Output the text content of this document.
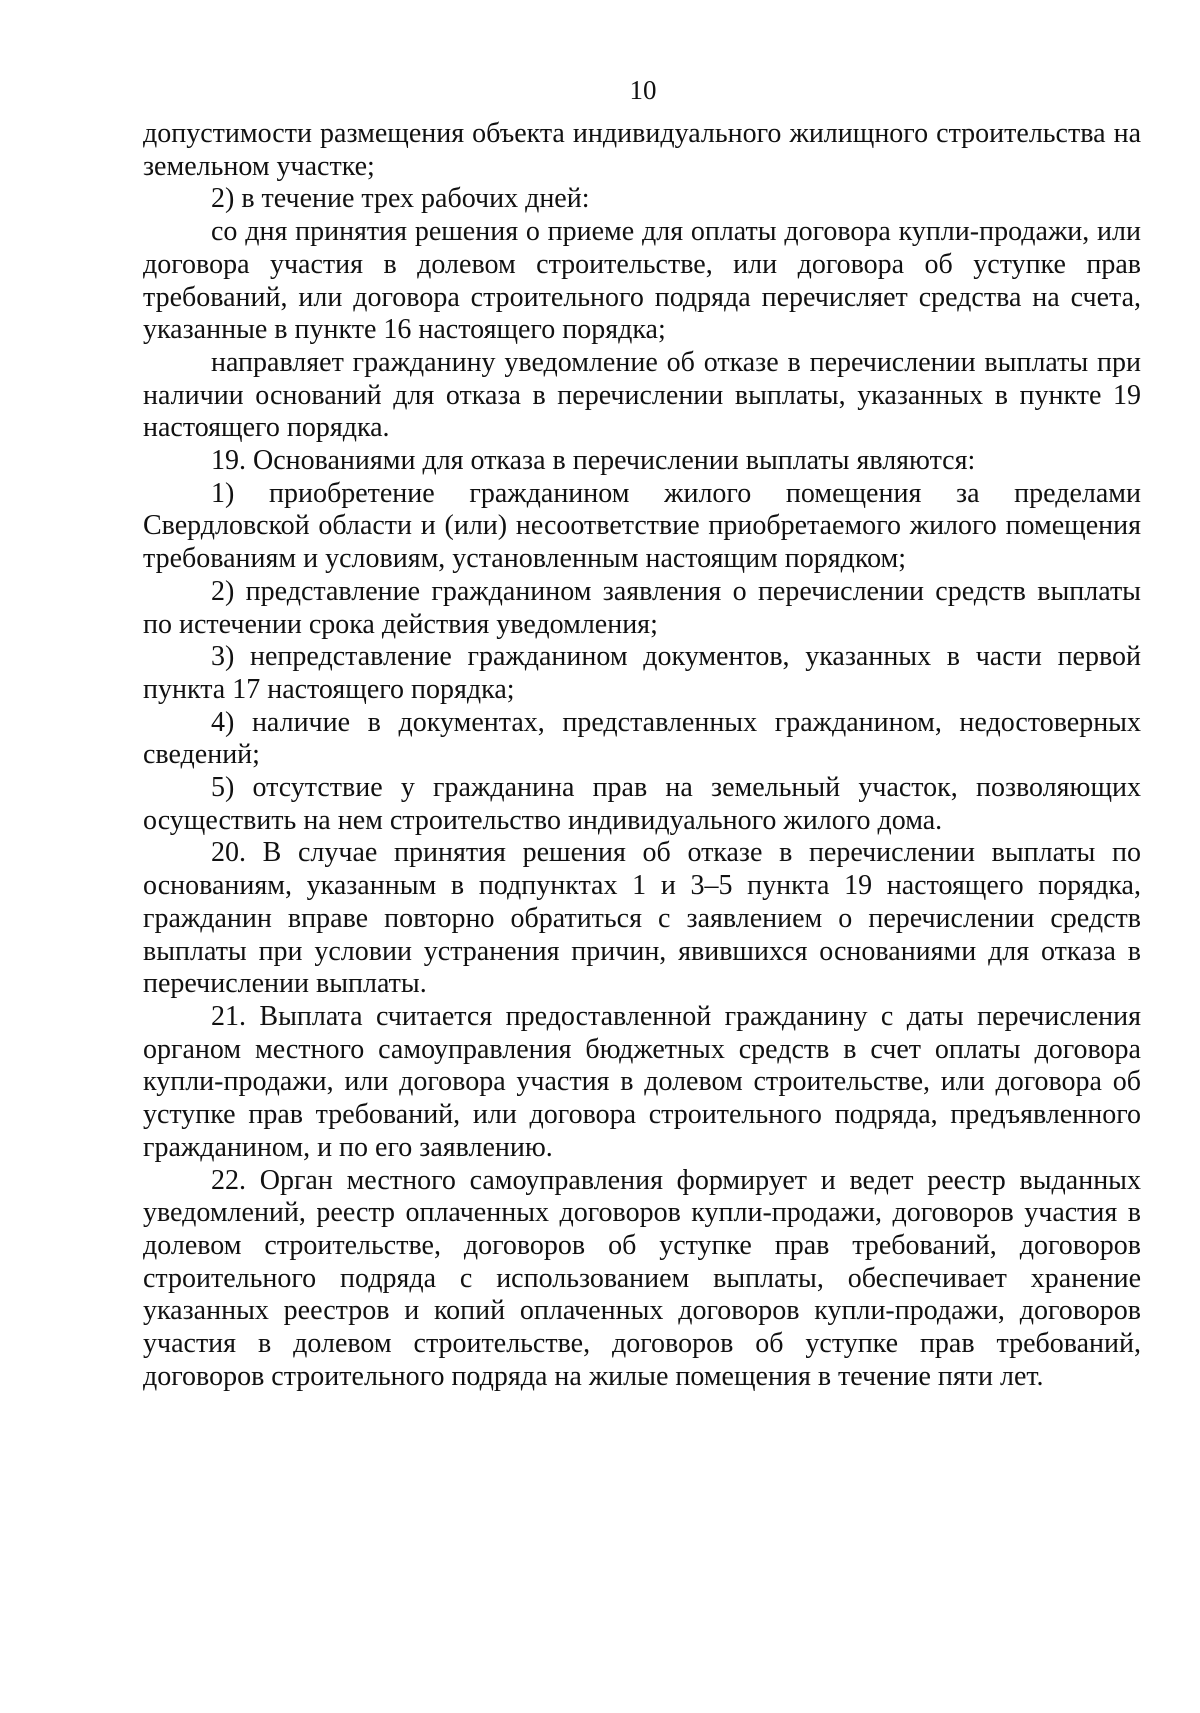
10

допустимости размещения объекта индивидуального жилищного строительства на земельном участке;

2) в течение трех рабочих дней:

со дня принятия решения о приеме для оплаты договора купли-продажи, или договора участия в долевом строительстве, или договора об уступке прав требований, или договора строительного подряда перечисляет средства на счета, указанные в пункте 16 настоящего порядка;

направляет гражданину уведомление об отказе в перечислении выплаты при наличии оснований для отказа в перечислении выплаты, указанных в пункте 19 настоящего порядка.

19. Основаниями для отказа в перечислении выплаты являются:

1) приобретение гражданином жилого помещения за пределами Свердловской области и (или) несоответствие приобретаемого жилого помещения требованиям и условиям, установленным настоящим порядком;

2) представление гражданином заявления о перечислении средств выплаты по истечении срока действия уведомления;

3) непредставление гражданином документов, указанных в части первой пункта 17 настоящего порядка;

4) наличие в документах, представленных гражданином, недостоверных сведений;

5) отсутствие у гражданина прав на земельный участок, позволяющих осуществить на нем строительство индивидуального жилого дома.

20. В случае принятия решения об отказе в перечислении выплаты по основаниям, указанным в подпунктах 1 и 3–5 пункта 19 настоящего порядка, гражданин вправе повторно обратиться с заявлением о перечислении средств выплаты при условии устранения причин, явившихся основаниями для отказа в перечислении выплаты.

21. Выплата считается предоставленной гражданину с даты перечисления органом местного самоуправления бюджетных средств в счет оплаты договора купли-продажи, или договора участия в долевом строительстве, или договора об уступке прав требований, или договора строительного подряда, предъявленного гражданином, и по его заявлению.

22. Орган местного самоуправления формирует и ведет реестр выданных уведомлений, реестр оплаченных договоров купли-продажи, договоров участия в долевом строительстве, договоров об уступке прав требований, договоров строительного подряда с использованием выплаты, обеспечивает хранение указанных реестров и копий оплаченных договоров купли-продажи, договоров участия в долевом строительстве, договоров об уступке прав требований, договоров строительного подряда на жилые помещения в течение пяти лет.
